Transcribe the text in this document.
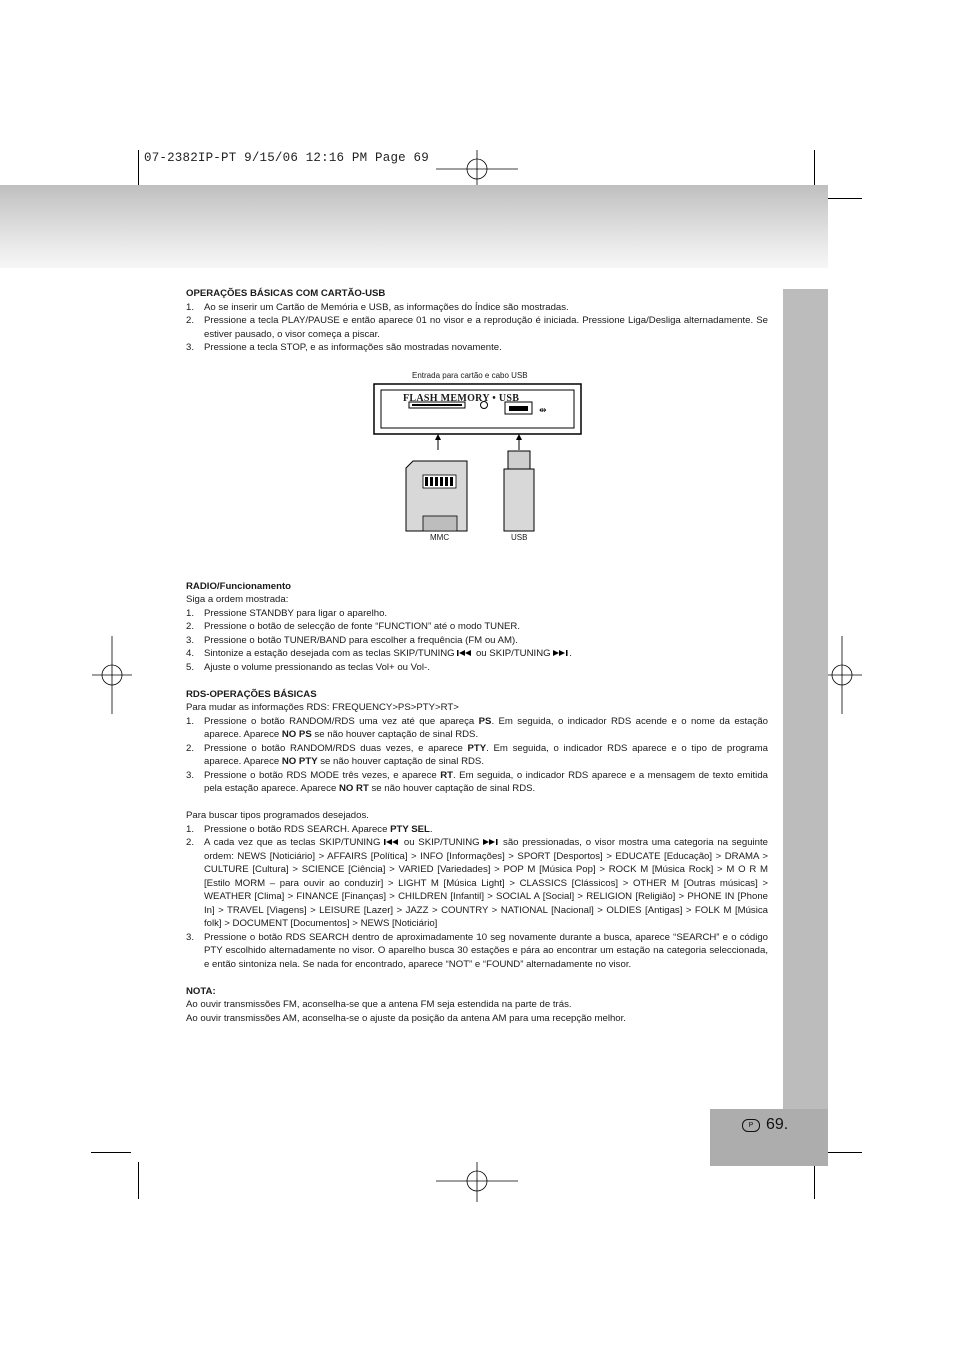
07-2382IP-PT 9/15/06 12:16 PM Page 69
P 69.

OPERAÇÕES BÁSICAS COM CARTÃO-USB

1.	Ao se inserir um Cartão de Memória e USB, as informações do Índice são mostradas.
2.	Pressione a tecla PLAY/PAUSE e então aparece 01 no visor e a reprodução é iniciada. Pressione Liga/Desliga alternadamente. Se estiver pausado, o visor começa a piscar.
3.	Pressione a tecla STOP, e as informações são mostradas novamente.
Entrada para cartão e cabo USB
⇹
FLASH MEMORY • USB
MMC	USB

RADIO/Funcionamento

Siga a ordem mostrada:

1.	Pressione STANDBY para ligar o aparelho.
2.	Pressione o botão de selecção de fonte “FUNCTION” até o modo TUNER.
3.	Pressione o botão TUNER/BAND para escolher a frequência (FM ou AM).
4.	Sintonize a estação desejada com as teclas SKIP/TUNING  ou SKIP/TUNING .
5.	Ajuste o volume pressionando as teclas Vol+ ou Vol-.

RDS-OPERAÇÕES BÁSICAS

Para mudar as informações RDS: FREQUENCY>PS>PTY>RT>

1.	Pressione o botão RANDOM/RDS uma vez até que apareça PS. Em seguida, o indicador RDS acende e o nome da estação aparece. Aparece NO PS se não houver captação de sinal RDS.
2.	Pressione o botão RANDOM/RDS duas vezes, e aparece PTY. Em seguida, o indicador RDS aparece e o tipo de programa aparece. Aparece NO PTY se não houver captação de sinal RDS.
3.	Pressione o botão RDS MODE três vezes, e aparece RT. Em seguida, o indicador RDS aparece e a mensagem de texto emitida pela estação aparece. Aparece NO RT se não houver captação de sinal RDS.

Para buscar tipos programados desejados.

1.	Pressione o botão RDS SEARCH. Aparece PTY SEL.
2.	A cada vez que as teclas SKIP/TUNING  ou SKIP/TUNING  são pressionadas, o visor mostra uma categoria na seguinte ordem: NEWS [Noticiário] > AFFAIRS [Política] > INFO [Informações] > SPORT [Desportos] > EDUCATE [Educação] > DRAMA > CULTURE [Cultura] > SCIENCE [Ciência] > VARIED [Variedades] > POP M [Música Pop] > ROCK M [Música Rock] > M O R M [Estilo MORM – para ouvir ao conduzir] > LIGHT M [Música Light] > CLASSICS [Clássicos] > OTHER M [Outras músicas] > WEATHER [Clima] > FINANCE [Finanças] > CHILDREN [Infantil] > SOCIAL A [Social] > RELIGION [Religião] > PHONE IN [Phone In] > TRAVEL [Viagens] > LEISURE [Lazer] > JAZZ > COUNTRY > NATIONAL [Nacional] > OLDIES [Antigas] > FOLK M [Música folk] > DOCUMENT [Documentos] > NEWS [Noticiário]
3.	Pressione o botão RDS SEARCH dentro de aproximadamente 10 seg novamente durante a busca, aparece “SEARCH” e o código PTY escolhido alternadamente no visor. O aparelho busca 30 estações e pára ao encontrar um estação na categoria seleccionada, e então sintoniza nela. Se nada for encontrado, aparece “NOT” e “FOUND” alternadamente no visor.

NOTA:

Ao ouvir transmissões FM, aconselha-se que a antena FM seja estendida na parte de trás.

Ao ouvir transmissões AM, aconselha-se o ajuste da posição da antena AM para uma recepção melhor.
